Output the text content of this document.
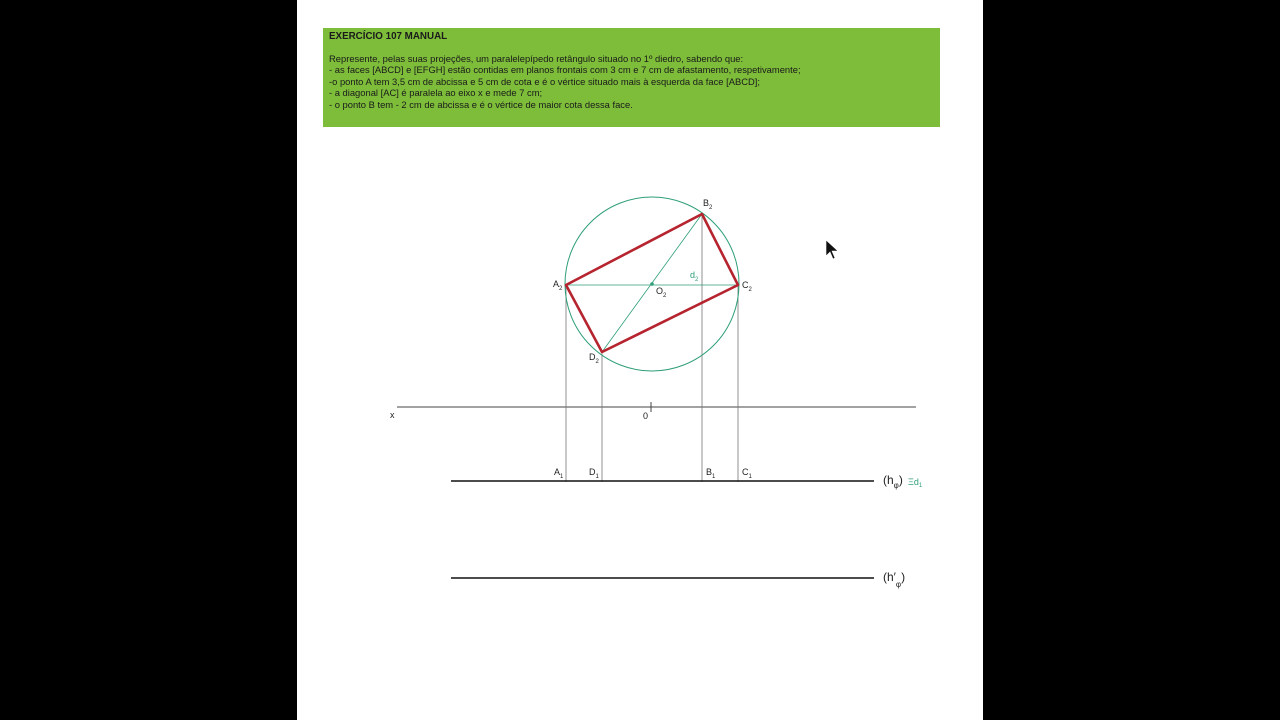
EXERCÍCIO 107 MANUAL
Represente, pelas suas projeções, um paralelepípedo retângulo situado no 1º diedro, sabendo que:
- as faces [ABCD] e [EFGH] estão contidas em planos frontais com 3 cm e 7 cm de afastamento, respetivamente;
-o ponto A tem 3,5 cm de abcissa e 5 cm de cota e é o vértice situado mais à esquerda da face [ABCD];
- a diagonal [AC] é paralela ao eixo x e mede 7 cm;
- o ponto B tem - 2 cm de abcissa e é o vértice de maior cota dessa face.
x	0
$A_2$
$B_2$
$C_2$
$D_2$
$O_2$
$d_2$
$A_1$	$D_1$	$B_1$	$C_1$	$(h_\varphi)$ $\Xi d_1$
$(h'_\varphi)$
